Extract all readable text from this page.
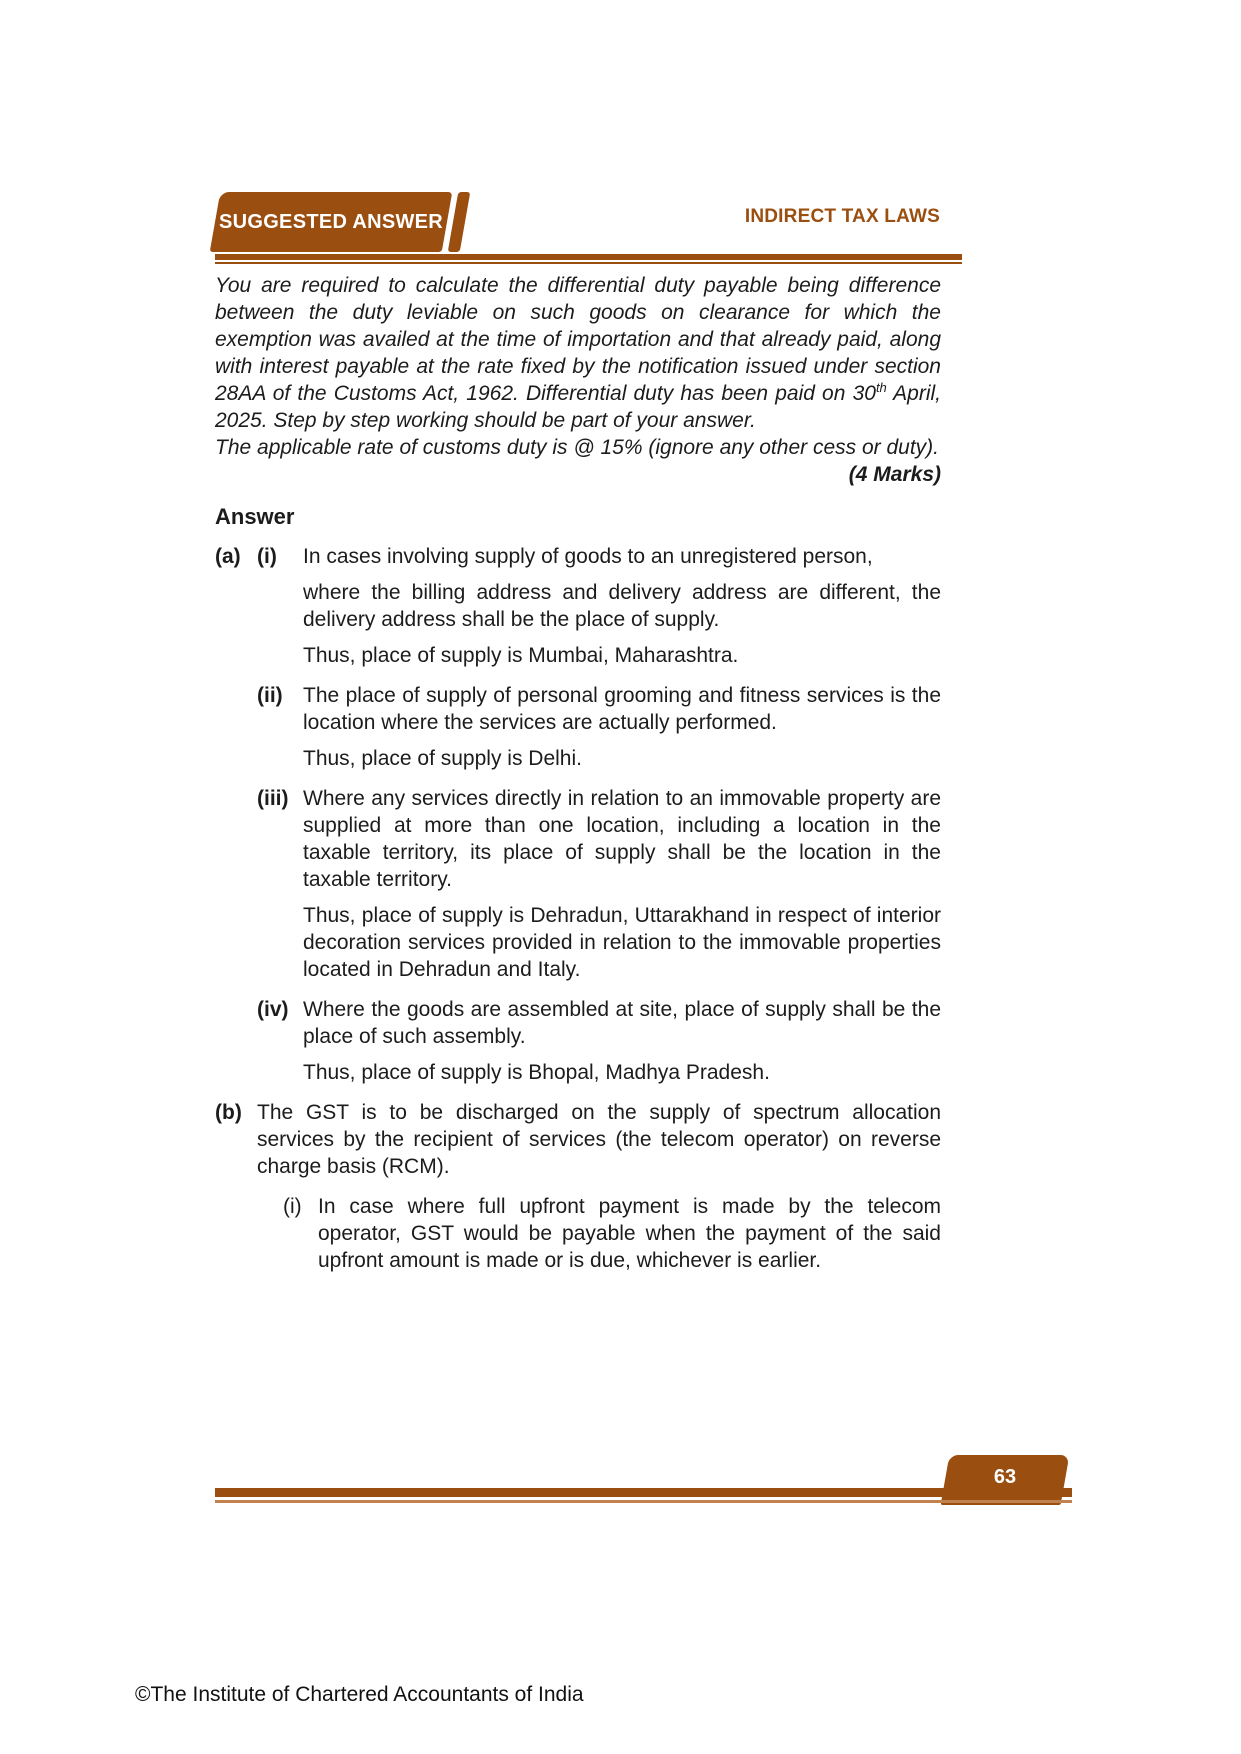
SUGGESTED ANSWER	INDIRECT TAX LAWS

You are required to calculate the differential duty payable being difference between the duty leviable on such goods on clearance for which the exemption was availed at the time of importation and that already paid, along with interest payable at the rate fixed by the notification issued under section 28AA of the Customs Act, 1962. Differential duty has been paid on 30th April, 2025. Step by step working should be part of your answer.

The applicable rate of customs duty is @ 15% (ignore any other cess or duty).

(4 Marks)

Answer
(a) (i)	In cases involving supply of goods to an unregistered person,

where the billing address and delivery address are different, the delivery address shall be the place of supply.

Thus, place of supply is Mumbai, Maharashtra.

(ii) The place of supply of personal grooming and fitness services is the location where the services are actually performed.

Thus, place of supply is Delhi.

(iii) Where any services directly in relation to an immovable property are supplied at more than one location, including a location in the taxable territory, its place of supply shall be the location in the taxable territory.

Thus, place of supply is Dehradun, Uttarakhand in respect of interior decoration services provided in relation to the immovable properties located in Dehradun and Italy.

(iv) Where the goods are assembled at site, place of supply shall be the place of such assembly.

Thus, place of supply is Bhopal, Madhya Pradesh.

(b) The GST is to be discharged on the supply of spectrum allocation services by the recipient of services (the telecom operator) on reverse charge basis (RCM).

(i) In case where full upfront payment is made by the telecom operator, GST would be payable when the payment of the said upfront amount is made or is due, whichever is earlier.

63
©The Institute of Chartered Accountants of India
